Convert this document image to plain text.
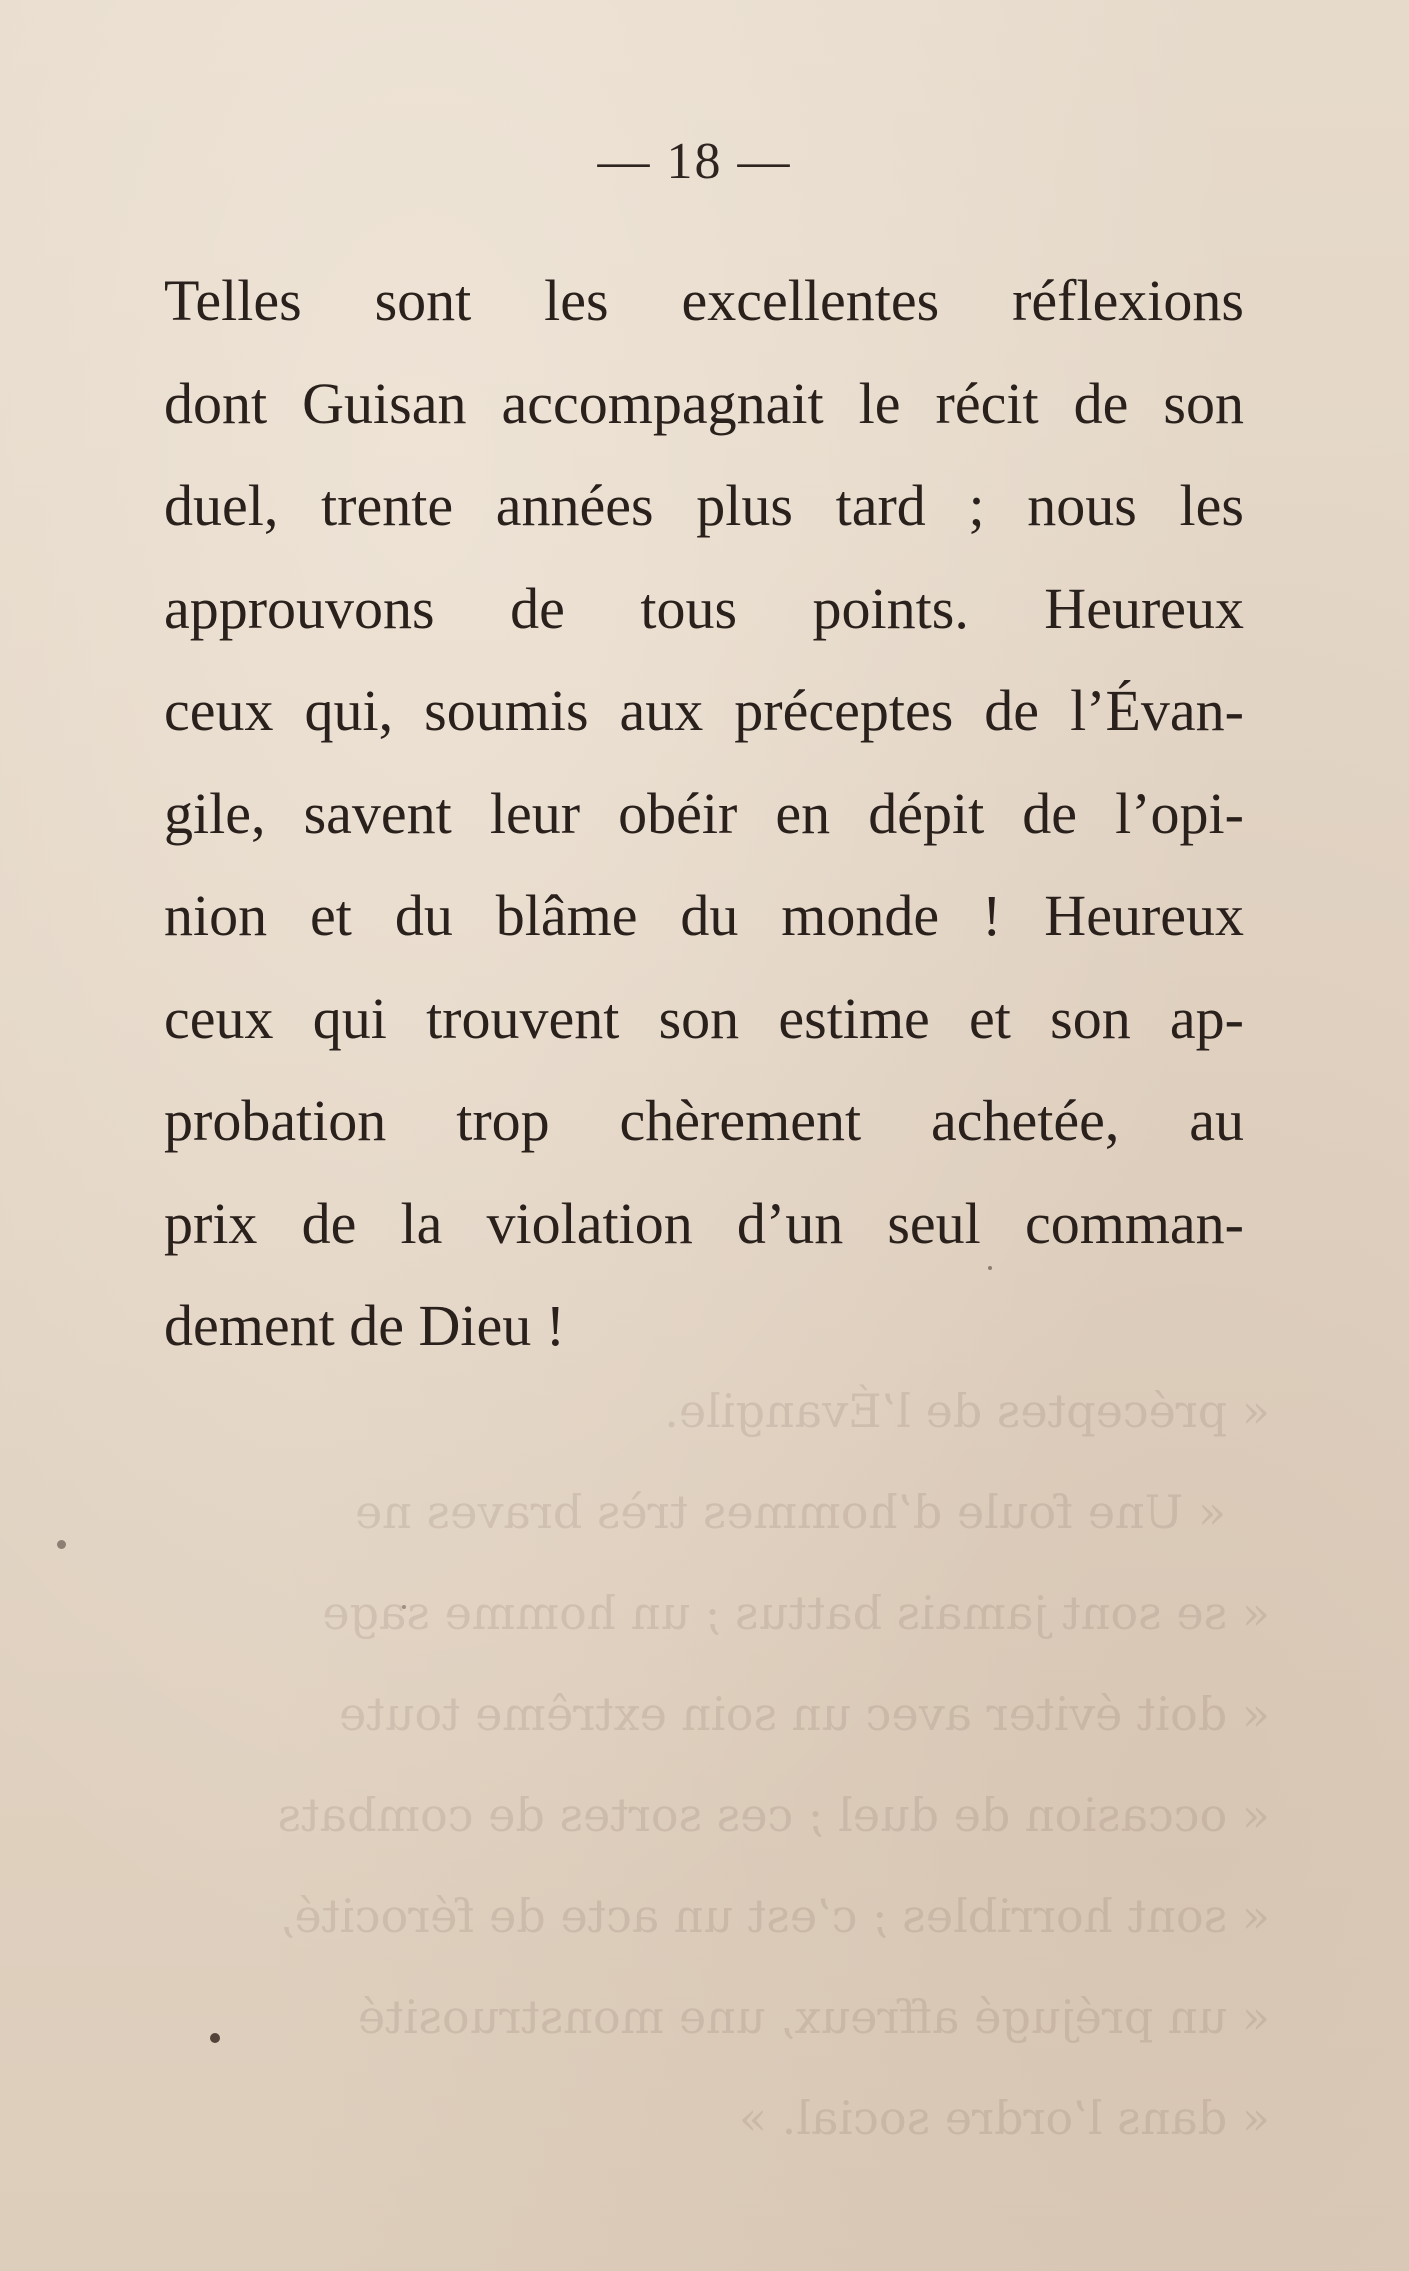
« préceptes de l’Évangile.
« Une foule d’hommes très braves ne
« se sont jamais battus ; un homme sage
« doit éviter avec un soin extrême toute
« occasion de duel ; ces sortes de combats
« sont horribles ; c’est un acte de férocité,
« un préjugé affreux, une monstruosité
« dans l’ordre social. »

— 18 —

Telles sont les excellentes réflexions
dont Guisan accompagnait le récit de son
duel, trente années plus tard ; nous les
approuvons de tous points. Heureux
ceux qui, soumis aux préceptes de l’Évan-
gile, savent leur obéir en dépit de l’opi-
nion et du blâme du monde ! Heureux
ceux qui trouvent son estime et son ap-
probation trop chèrement achetée, au
prix de la violation d’un seul comman-
dement de Dieu !
